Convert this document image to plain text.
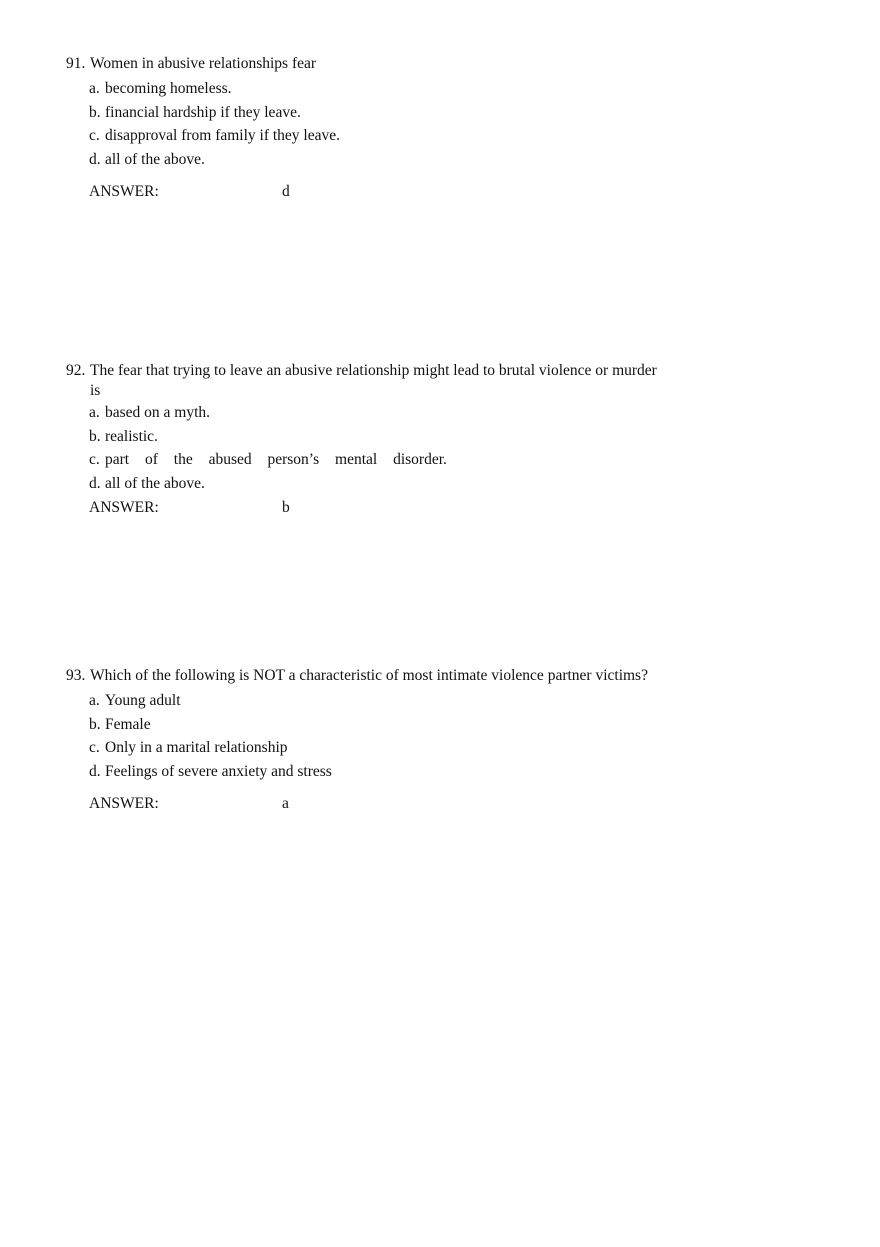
91. Women in abusive relationships fear
a. becoming homeless.
b. financial hardship if they leave.
c. disapproval from family if they leave.
d. all of the above.
ANSWER:	d
92. The fear that trying to leave an abusive relationship might lead to brutal violence or murder
is
a. based on a myth.
b. realistic.
c. part of the abused person’s mental disorder.
d. all of the above.
ANSWER:	b
93. Which of the following is NOT a characteristic of most intimate violence partner victims?
a. Young adult
b. Female
c. Only in a marital relationship
d. Feelings of severe anxiety and stress
ANSWER:	a
